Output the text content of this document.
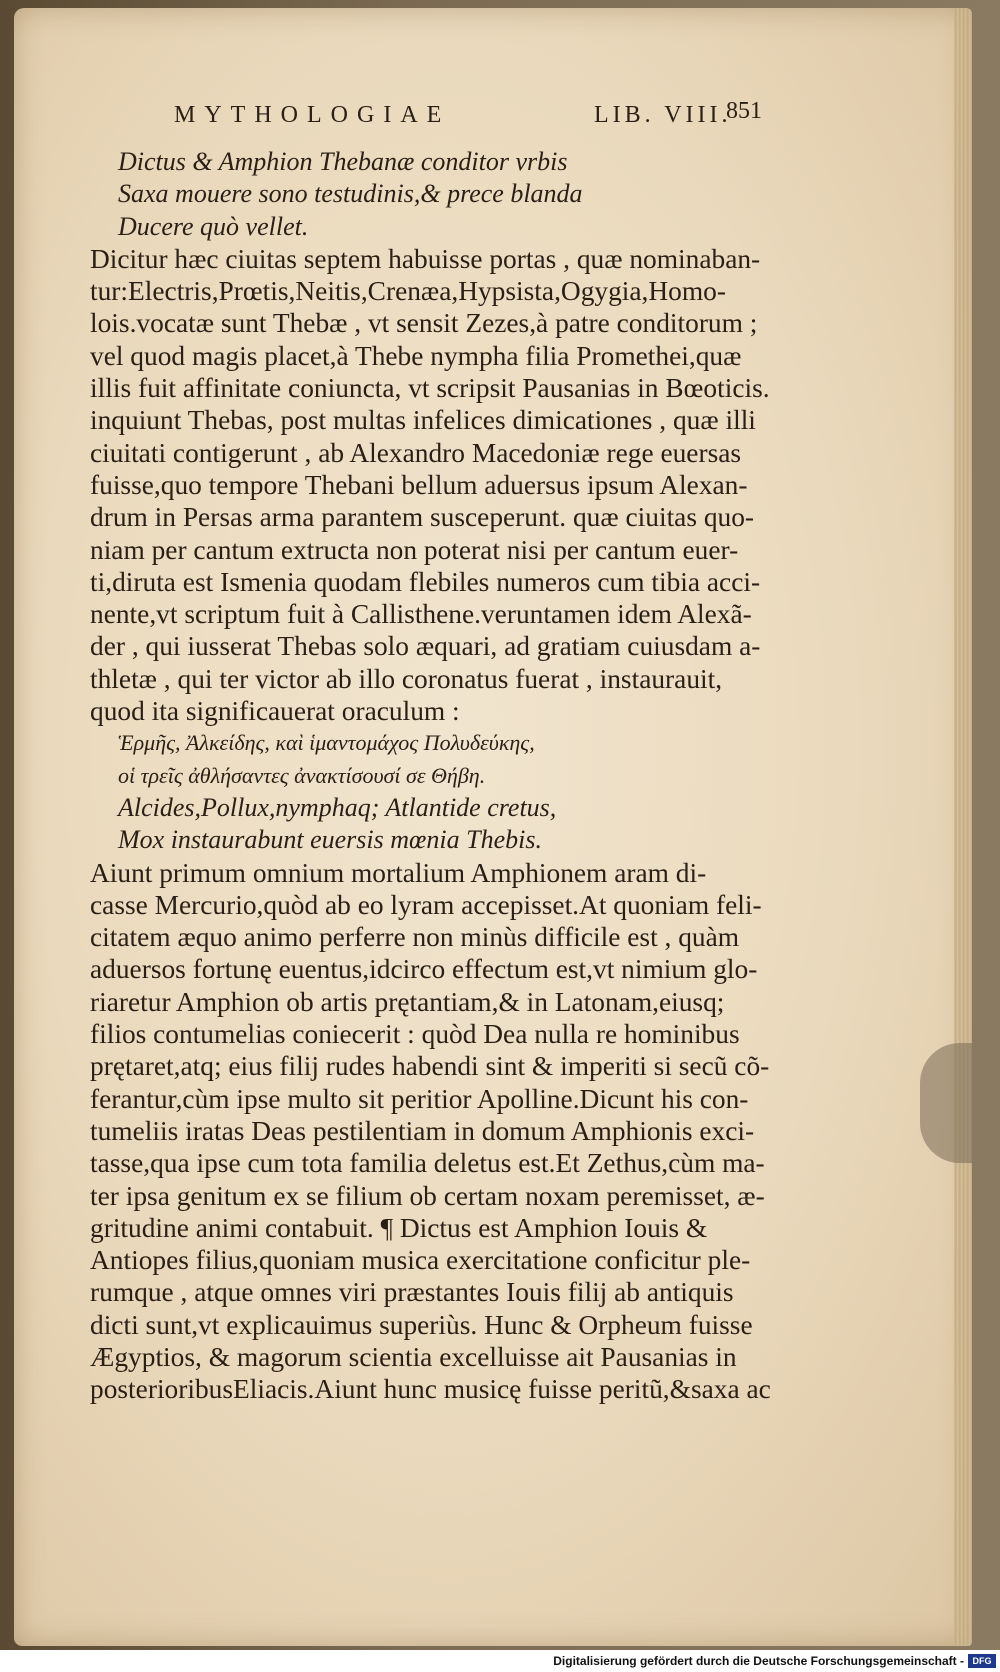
MYTHOLOGIAE	LIB. VIII.
851
Dictus & Amphion Thebanæ conditor vrbis
Saxa mouere sono testudinis,& prece blanda
Ducere quò vellet.
Dicitur hæc ciuitas septem habuisse portas , quæ nominaban-
tur:Electris,Prœtis,Neitis,Crenæa,Hypsista,Ogygia,Homo-
lois.vocatæ sunt Thebæ , vt sensit Zezes,à patre conditorum ;
vel quod magis placet,à Thebe nympha filia Promethei,quæ
illis fuit affinitate coniuncta, vt scripsit Pausanias in Bœoticis.
inquiunt Thebas, post multas infelices dimicationes , quæ illi
ciuitati contigerunt , ab Alexandro Macedoniæ rege euersas
fuisse,quo tempore Thebani bellum aduersus ipsum Alexan-
drum in Persas arma parantem susceperunt. quæ ciuitas quo-
niam per cantum extructa non poterat nisi per cantum euer-
ti,diruta est Ismenia quodam flebiles numeros cum tibia acci-
nente,vt scriptum fuit à Callisthene.veruntamen idem Alexã-
der , qui iusserat Thebas solo æquari, ad gratiam cuiusdam a-
thletæ , qui ter victor ab illo coronatus fuerat , instaurauit,
quod ita significauerat oraculum :
Ἑρμῆς, Ἀλκείδης, καὶ ἱμαντομάχος Πολυδεύκης,
οἱ τρεῖς ἀθλήσαντες ἀνακτίσουσί σε Θήβη.
Alcides,Pollux,nymphaq; Atlantide cretus,
Mox instaurabunt euersis mœnia Thebis.
Aiunt primum omnium mortalium Amphionem aram di-
casse Mercurio,quòd ab eo lyram accepisset.At quoniam feli-
citatem æquo animo perferre non minùs difficile est , quàm
aduersos fortunę euentus,idcirco effectum est,vt nimium glo-
riaretur Amphion ob artis prętantiam,& in Latonam,eiusq;
filios contumelias coniecerit : quòd Dea nulla re hominibus
prętaret,atq; eius filij rudes habendi sint & imperiti si secũ cõ-
ferantur,cùm ipse multo sit peritior Apolline.Dicunt his con-
tumeliis iratas Deas pestilentiam in domum Amphionis exci-
tasse,qua ipse cum tota familia deletus est.Et Zethus,cùm ma-
ter ipsa genitum ex se filium ob certam noxam peremisset, æ-
gritudine animi contabuit. ¶ Dictus est Amphion Iouis &
Antiopes filius,quoniam musica exercitatione conficitur ple-
rumque , atque omnes viri præstantes Iouis filij ab antiquis
dicti sunt,vt explicauimus superiùs. Hunc & Orpheum fuisse
Ægyptios, & magorum scientia excelluisse ait Pausanias in
posterioribusEliacis.Aiunt hunc musicę fuisse peritũ,&saxa ac
Digitalisierung gefördert durch die Deutsche Forschungsgemeinschaft - DFG
